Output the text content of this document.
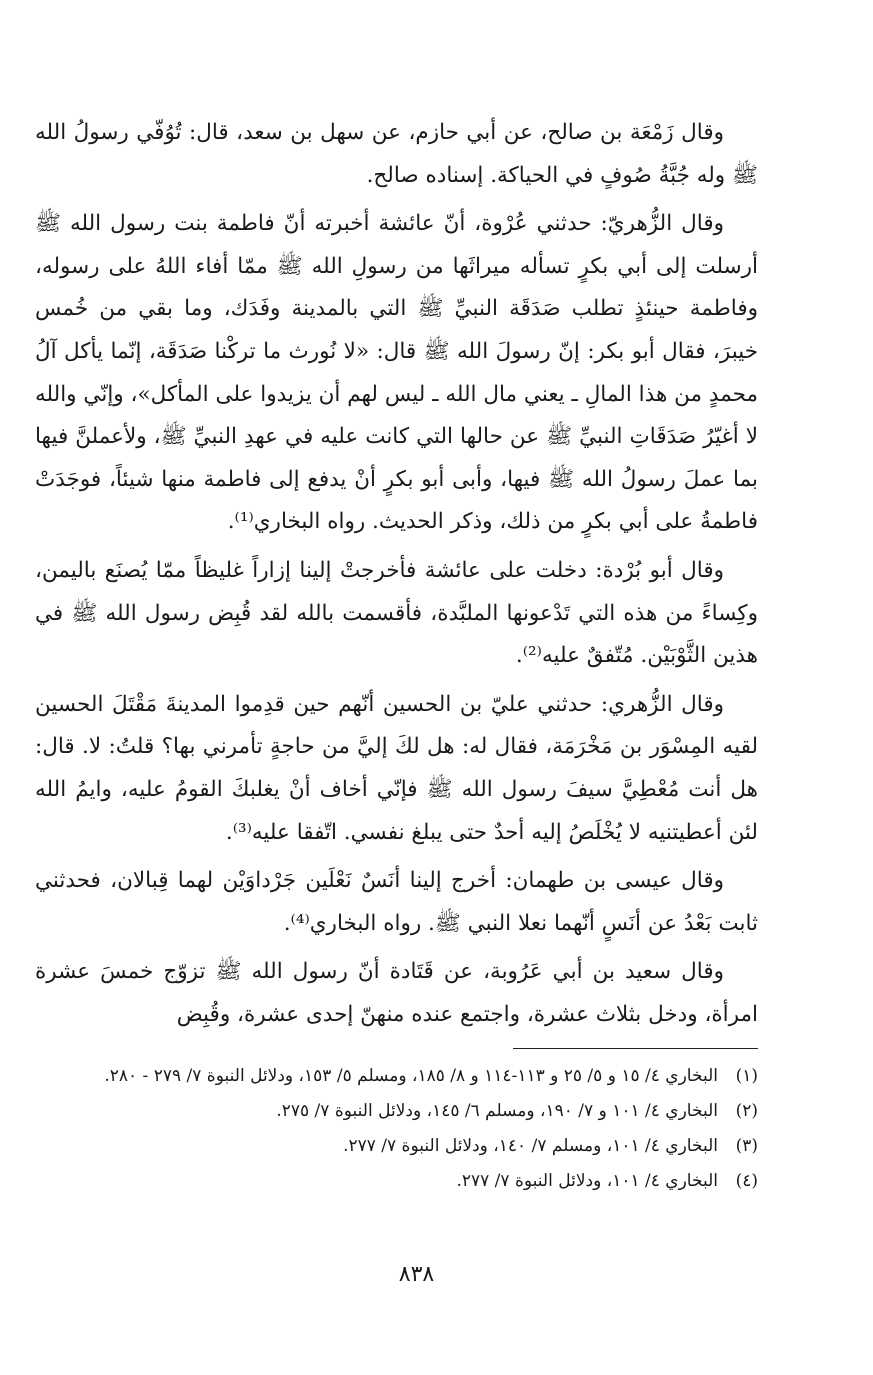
وقال زَمْعَة بن صالح، عن أبي حازم، عن سهل بن سعد، قال: تُوُفّي رسولُ الله ﷺ وله جُبَّةُ صُوفٍ في الحياكة. إسناده صالح.

وقال الزُّهريّ: حدثني عُرْوة، أنّ عائشة أخبرته أنّ فاطمة بنت رسول الله ﷺ أرسلت إلى أبي بكرٍ تسأله ميراثَها من رسولِ الله ﷺ ممّا أفاء اللهُ على رسوله، وفاطمة حينئذٍ تطلب صَدَقَة النبيِّ ﷺ التي بالمدينة وفَدَك، وما بقي من خُمس خيبرَ، فقال أبو بكر: إنّ رسولَ الله ﷺ قال: «لا نُورث ما تركْنا صَدَقَة، إنّما يأكل آلُ محمدٍ من هذا المالِ ـ يعني مال الله ـ ليس لهم أن يزيدوا على المأكل»، وإنّي والله لا أغيّرُ صَدَقَاتِ النبيِّ ﷺ عن حالها التي كانت عليه في عهدِ النبيِّ ﷺ، ولأعملنَّ فيها بما عملَ رسولُ الله ﷺ فيها، وأبى أبو بكرٍ أنْ يدفع إلى فاطمة منها شيئاً، فوجَدَتْ فاطمةُ على أبي بكرٍ من ذلك، وذكر الحديث. رواه البخاري⁽¹⁾.

وقال أبو بُرْدة: دخلت على عائشة فأخرجتْ إلينا إزاراً غليظاً ممّا يُصنَع باليمن، وكِساءً من هذه التي تَدْعونها الملبَّدة، فأقسمت بالله لقد قُبِض رسول الله ﷺ في هذين الثَّوْبَيْن. مُتّفقٌ عليه⁽²⁾.

وقال الزُّهري: حدثني عليّ بن الحسين أنّهم حين قدِموا المدينةَ مَقْتَلَ الحسين لقيه المِسْوَر بن مَخْرَمَة، فقال له: هل لكَ إليَّ من حاجةٍ تأمرني بها؟ قلتُ: لا. قال: هل أنت مُعْطِيَّ سيفَ رسول الله ﷺ فإنّي أخاف أنْ يغلبكَ القومُ عليه، وايمُ الله لئن أعطيتنيه لا يُخْلَصُ إليه أحدٌ حتى يبلغ نفسي. اتّفقا عليه⁽³⁾.

وقال عيسى بن طهمان: أخرج إلينا أنَسٌ نَعْلَين جَرْداوَيْن لهما قِبالان، فحدثني ثابت بَعْدُ عن أنَسٍ أنّهما نعلا النبي ﷺ. رواه البخاري⁽⁴⁾.

وقال سعيد بن أبي عَرُوبة، عن قَتَادة أنّ رسول الله ﷺ تزوّج خمسَ عشرة امرأة، ودخل بثلاث عشرة، واجتمع عنده منهنّ إحدى عشرة، وقُبِض

(١)
البخاري ٤/ ١٥ و ٥/ ٢٥ و ١١٣-١١٤ و ٨/ ١٨٥، ومسلم ٥/ ١٥٣، ودلائل النبوة ٧/ ٢٧٩ - ٢٨٠.
(٢)
البخاري ٤/ ١٠١ و ٧/ ١٩٠، ومسلم ٦/ ١٤٥، ودلائل النبوة ٧/ ٢٧٥.
(٣)
البخاري ٤/ ١٠١، ومسلم ٧/ ١٤٠، ودلائل النبوة ٧/ ٢٧٧.
(٤)
البخاري ٤/ ١٠١، ودلائل النبوة ٧/ ٢٧٧.
٨٣٨
